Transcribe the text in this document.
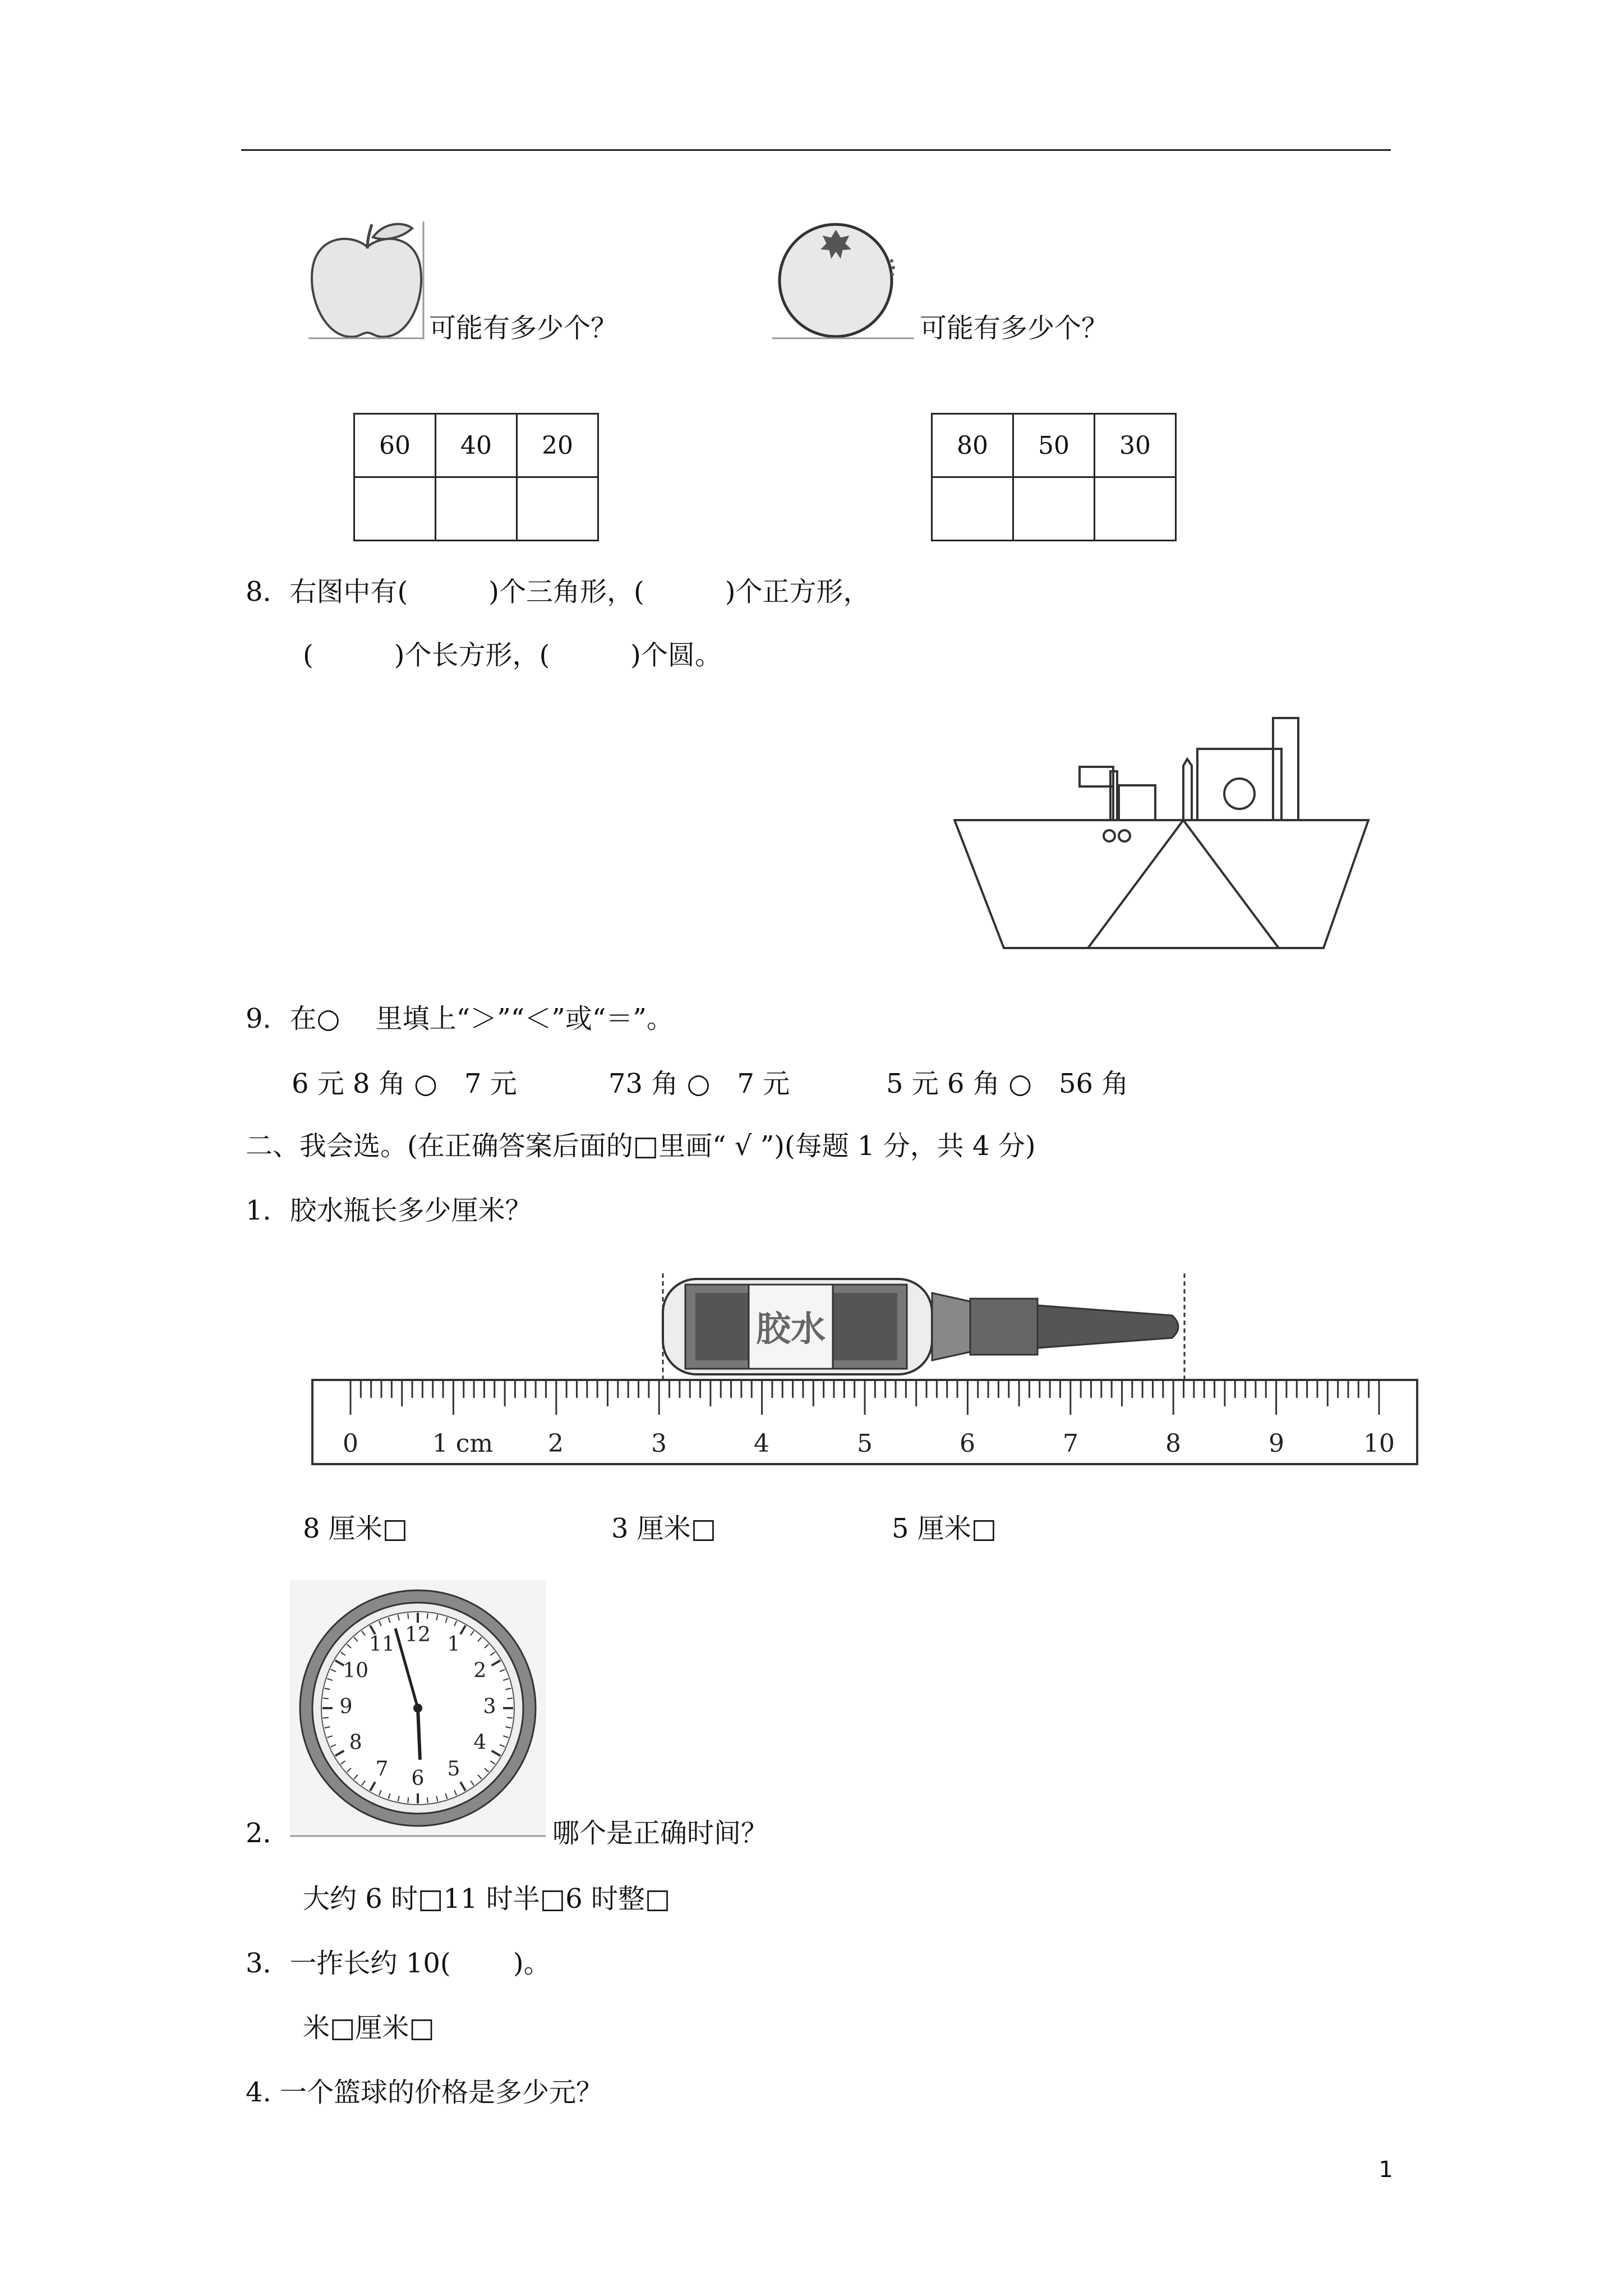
可能有多少个？	可能有多少个？
60	40	20
			80	50	30

8．右图中有(　　　)个三角形，(　　　)个正方形，
(　　　)个长方形，(　　　)个圆。
9．在○　 里填上“＞”“＜”或“＝”。
6 元 8 角 ○　7 元	73 角 ○　7 元	5 元 6 角 ○　56 角
二、我会选。(在正确答案后面的□里画“ √ ”)(每题 1 分，共 4 分)
1．胶水瓶长多少厘米？
胶水
0	1 cm 2	3	4	5	6	7	8	9	10
8 厘米□	3 厘米□	5 厘米□
12 1
2
3
4
5
6
7
8
9
10
11
2．	哪个是正确时间？
大约 6 时□11 时半□6 时整□
3．一拃长约 10(　　 )。
米□厘米□
4. 一个篮球的价格是多少元？
1
